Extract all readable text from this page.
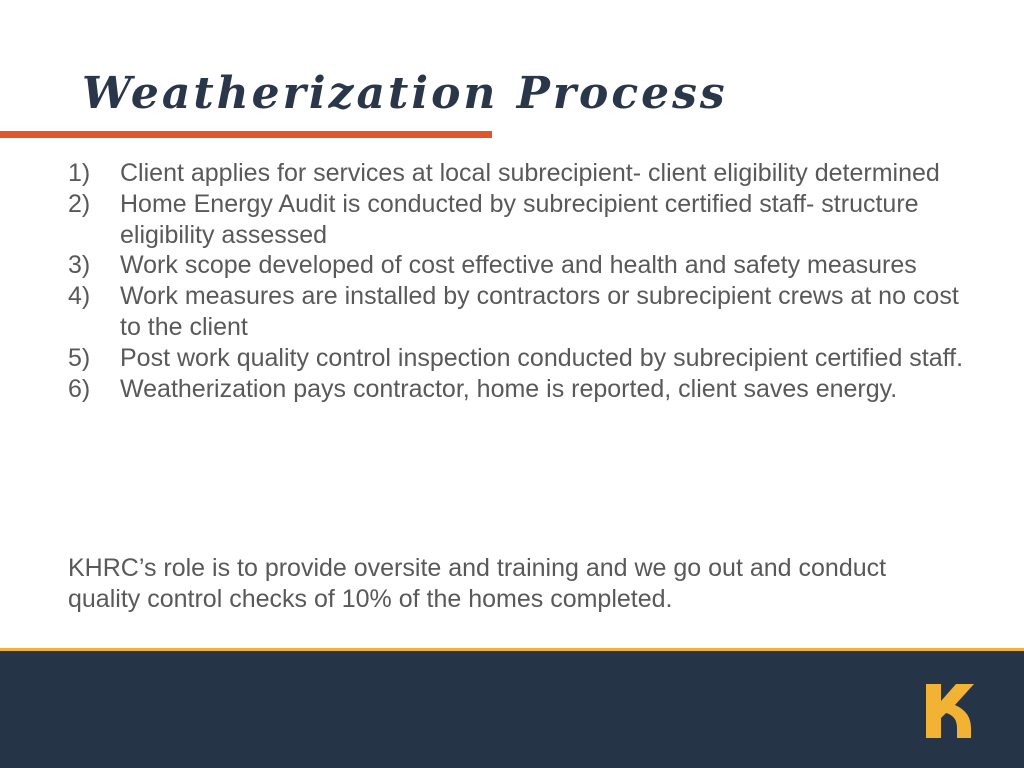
Weatherization Process
1)	Client applies for services at local subrecipient- client eligibility determined
2)	Home Energy Audit is conducted by subrecipient certified staff- structure eligibility assessed
3)	Work scope developed of cost effective and health and safety measures
4)	Work measures are installed by contractors or subrecipient crews at no cost to the client
5)	Post work quality control inspection conducted by subrecipient certified staff.
6)	Weatherization pays contractor, home is reported, client saves energy.

KHRC’s role is to provide oversite and training and we go out and conduct quality control checks of 10% of the homes completed.
